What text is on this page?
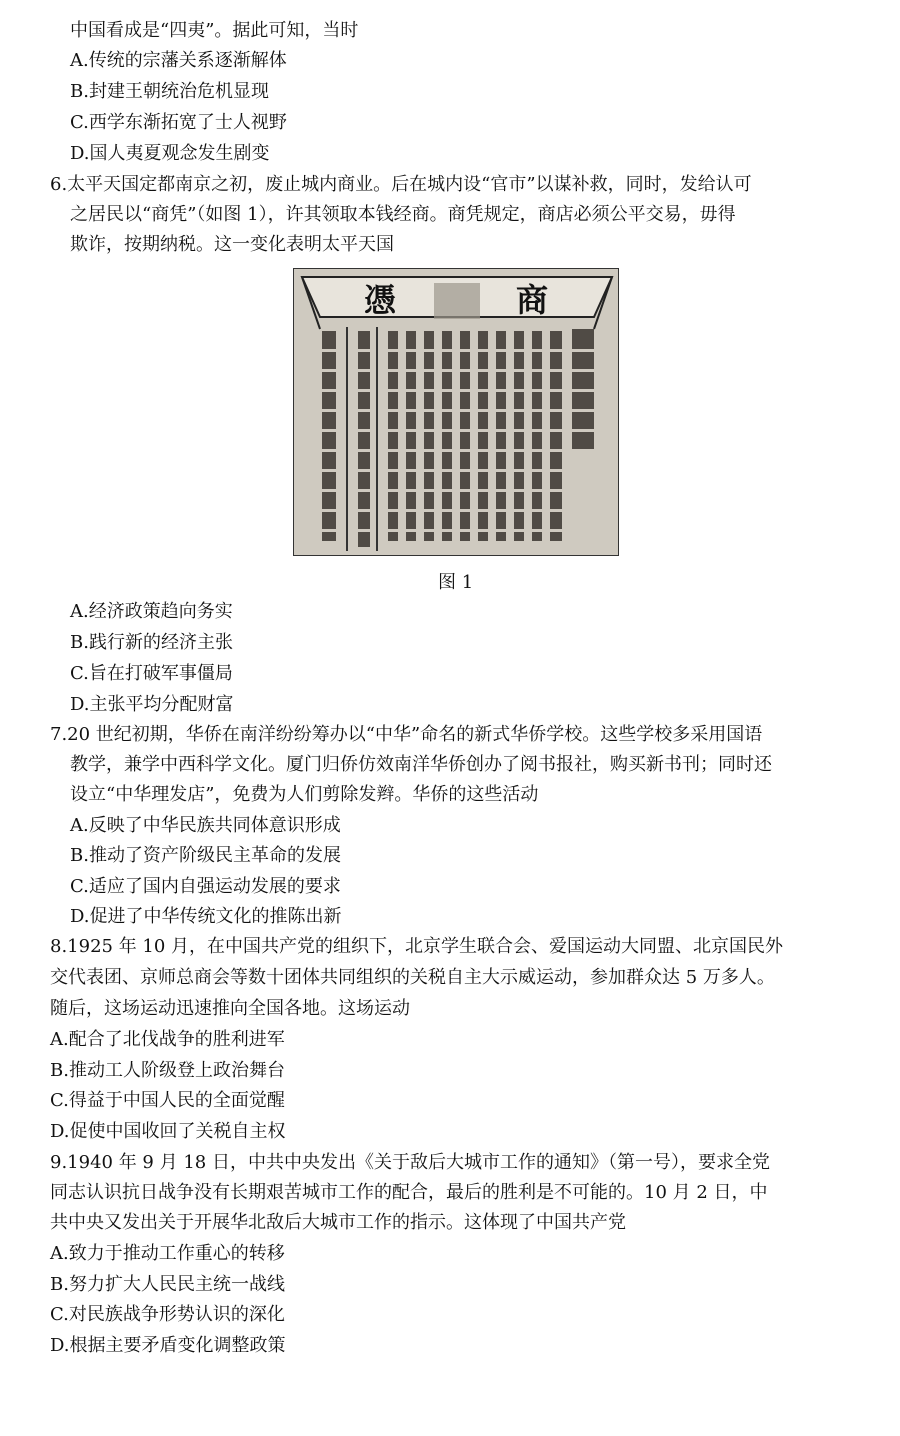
中国看成是“四夷”。据此可知，当时
A.传统的宗藩关系逐渐解体
B.封建王朝统治危机显现
C.西学东渐拓宽了士人视野
D.国人夷夏观念发生剧变
6.太平天国定都南京之初，废止城内商业。后在城内设“官市”以谋补救，同时，发给认可
之居民以“商凭”（如图 1），许其领取本钱经商。商凭规定，商店必须公平交易，毋得
欺诈，按期纳税。这一变化表明太平天国
憑	商
图 1
A.经济政策趋向务实
B.践行新的经济主张
C.旨在打破军事僵局
D.主张平均分配财富
7.20 世纪初期，华侨在南洋纷纷筹办以“中华”命名的新式华侨学校。这些学校多采用国语
教学，兼学中西科学文化。厦门归侨仿效南洋华侨创办了阅书报社，购买新书刊；同时还
设立“中华理发店”，免费为人们剪除发辫。华侨的这些活动
A.反映了中华民族共同体意识形成
B.推动了资产阶级民主革命的发展
C.适应了国内自强运动发展的要求
D.促进了中华传统文化的推陈出新
8.1925 年 10 月，在中国共产党的组织下，北京学生联合会、爱国运动大同盟、北京国民外
交代表团、京师总商会等数十团体共同组织的关税自主大示威运动，参加群众达 5 万多人。
随后，这场运动迅速推向全国各地。这场运动
A.配合了北伐战争的胜利进军
B.推动工人阶级登上政治舞台
C.得益于中国人民的全面觉醒
D.促使中国收回了关税自主权
9.1940 年 9 月 18 日，中共中央发出《关于敌后大城市工作的通知》（第一号），要求全党
同志认识抗日战争没有长期艰苦城市工作的配合，最后的胜利是不可能的。10 月 2 日，中
共中央又发出关于开展华北敌后大城市工作的指示。这体现了中国共产党
A.致力于推动工作重心的转移
B.努力扩大人民民主统一战线
C.对民族战争形势认识的深化
D.根据主要矛盾变化调整政策
